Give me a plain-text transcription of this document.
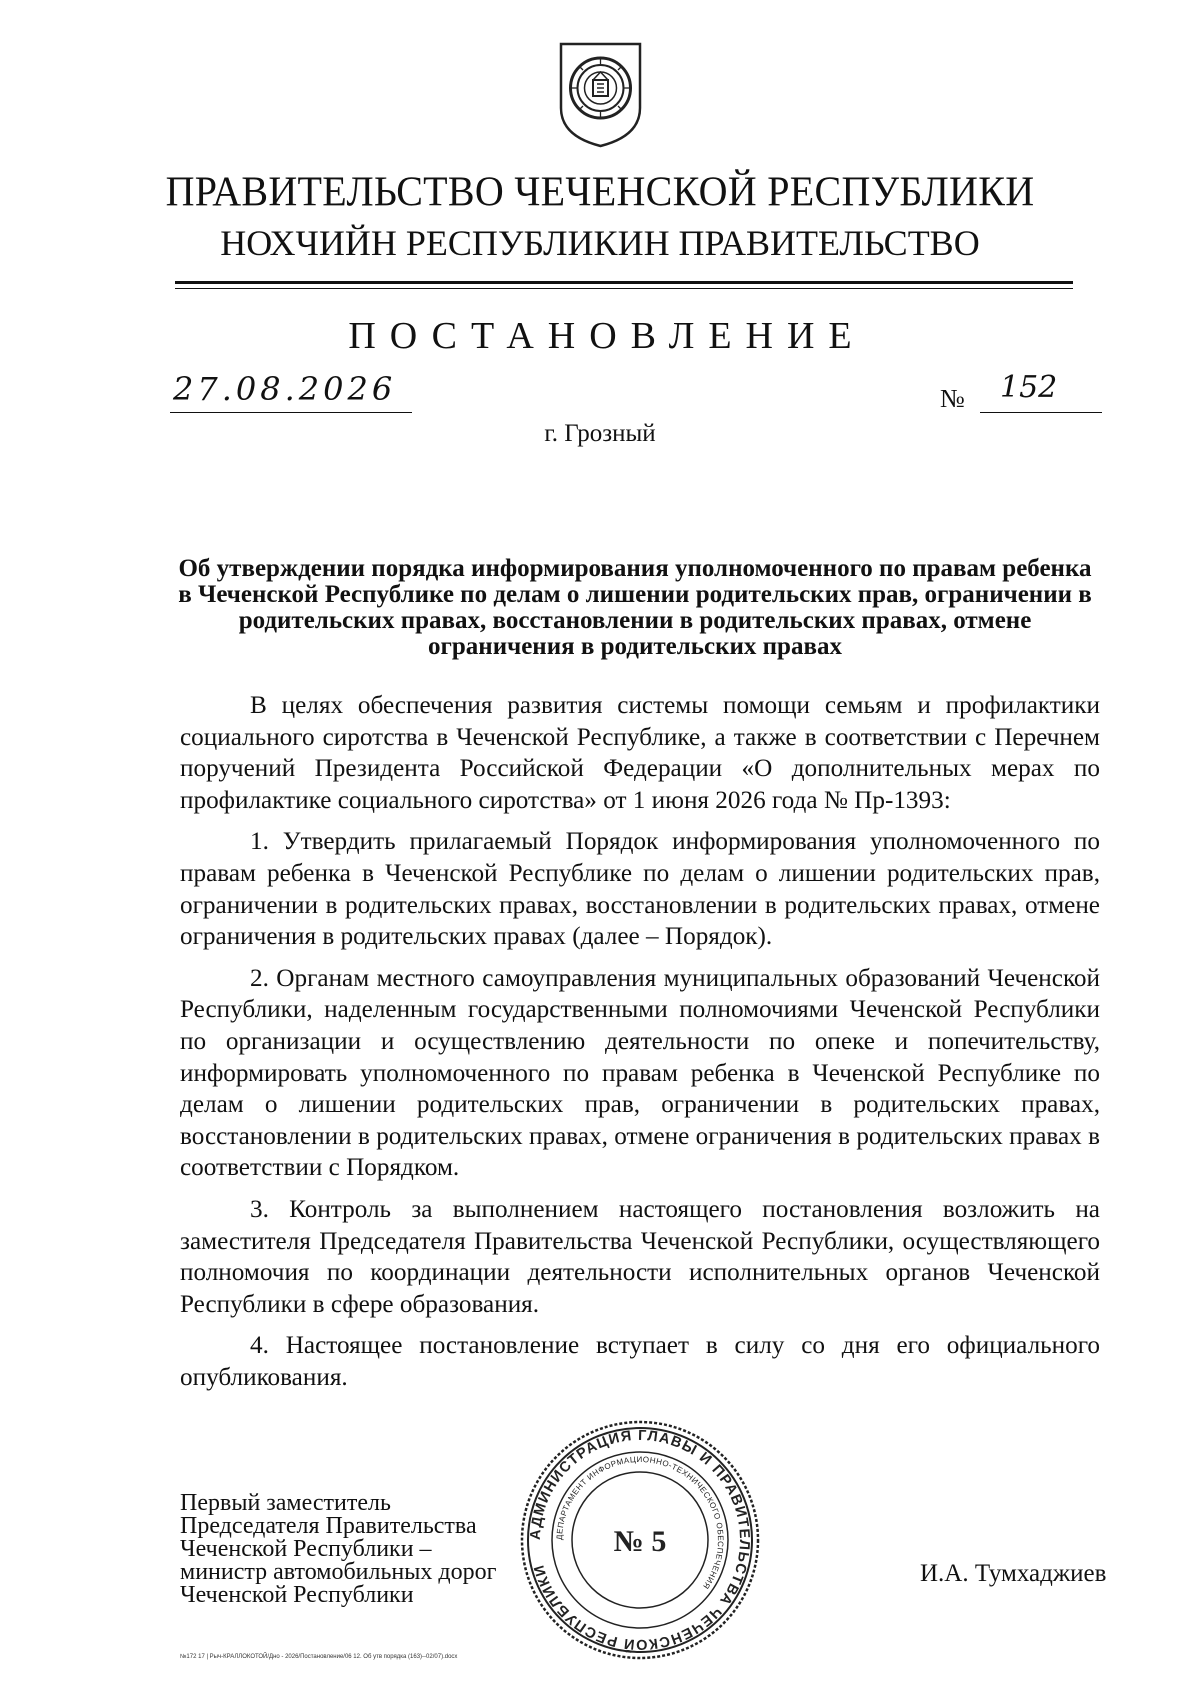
ПРАВИТЕЛЬСТВО ЧЕЧЕНСКОЙ РЕСПУБЛИКИ
НОХЧИЙН РЕСПУБЛИКИН ПРАВИТЕЛЬСТВО
ПОСТАНОВЛЕНИЕ
27.08.2026	№ 152
г. Грозный
Об утверждении порядка информирования уполномоченного по правам ребенка в Чеченской Республике по делам о лишении родительских прав, ограничении в родительских правах, восстановлении в родительских правах, отмене ограничения в родительских правах

В целях обеспечения развития системы помощи семьям и профилактики социального сиротства в Чеченской Республике, а также в соответствии с Перечнем поручений Президента Российской Федерации «О дополнительных мерах по профилактике социального сиротства» от 1 июня 2026 года № Пр-1393:

1. Утвердить прилагаемый Порядок информирования уполномоченного по правам ребенка в Чеченской Республике по делам о лишении родительских прав, ограничении в родительских правах, восстановлении в родительских правах, отмене ограничения в родительских правах (далее – Порядок).

2. Органам местного самоуправления муниципальных образований Чеченской Республики, наделенным государственными полномочиями Чеченской Республики по организации и осуществлению деятельности по опеке и попечительству, информировать уполномоченного по правам ребенка в Чеченской Республике по делам о лишении родительских прав, ограничении в родительских правах, восстановлении в родительских правах, отмене ограничения в родительских правах в соответствии с Порядком.

3. Контроль за выполнением настоящего постановления возложить на заместителя Председателя Правительства Чеченской Республики, осуществляющего полномочия по координации деятельности исполнительных органов Чеченской Республики в сфере образования.

4. Настоящее постановление вступает в силу со дня его официального опубликования.

Первый заместитель
Председателя Правительства
Чеченской Республики –
министр автомобильных дорог
Чеченской Республики
И.А. Тумхаджиев
АДМИНИСТРАЦИЯ ГЛАВЫ И ПРАВИТЕЛЬСТВА ЧЕЧЕНСКОЙ РЕСПУБЛИКИ
ДЕПАРТАМЕНТ ИНФОРМАЦИОННО-ТЕХНИЧЕСКОГО ОБЕСПЕЧЕНИЯ
№ 5
№172 17 | Рыч-КРАЛЛОКОТОЙ/Дно - 2026/Постановление/06 12. Об утв порядка (163)--02/07).docx
